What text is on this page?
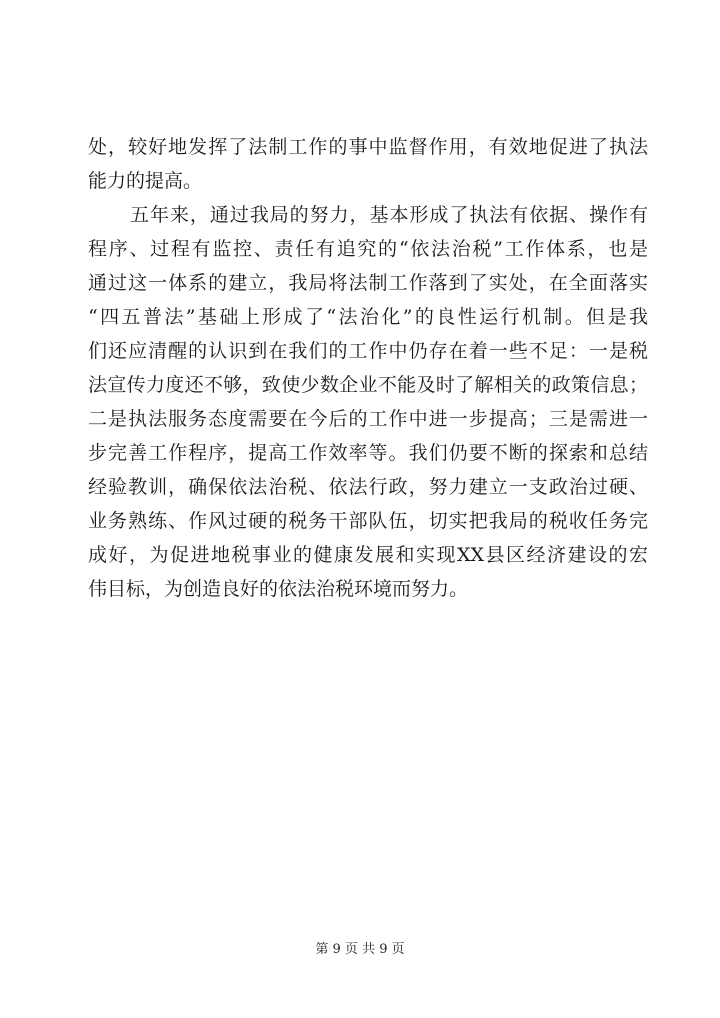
处，较好地发挥了法制工作的事中监督作用，有效地促进了执法
能力的提高。
五年来，通过我局的努力，基本形成了执法有依据、操作有
程序、过程有监控、责任有追究的“依法治税”工作体系，也是
通过这一体系的建立，我局将法制工作落到了实处，在全面落实
“四五普法”基础上形成了“法治化”的良性运行机制。但是我
们还应清醒的认识到在我们的工作中仍存在着一些不足：一是税
法宣传力度还不够，致使少数企业不能及时了解相关的政策信息；
二是执法服务态度需要在今后的工作中进一步提高；三是需进一
步完善工作程序，提高工作效率等。我们仍要不断的探索和总结
经验教训，确保依法治税、依法行政，努力建立一支政治过硬、
业务熟练、作风过硬的税务干部队伍，切实把我局的税收任务完
成好，为促进地税事业的健康发展和实现XX县区经济建设的宏
伟目标，为创造良好的依法治税环境而努力。
第 9 页 共 9 页
